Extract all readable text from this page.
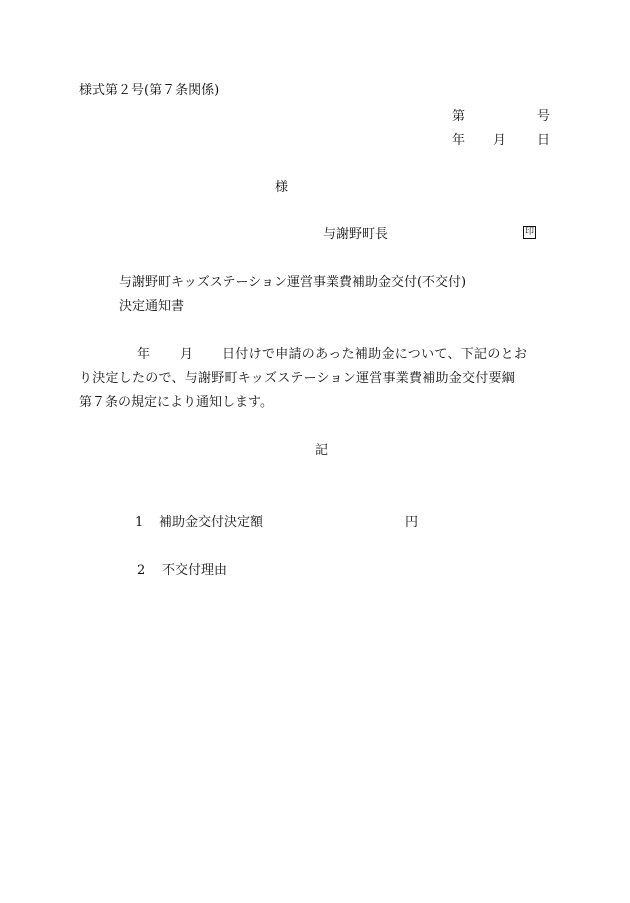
様式第２号(第７条関係)
第	号
年 月 日
様
与謝野町長	印
与謝野町キッズステーション運営事業費補助金交付(不交付)
決定通知書
年 月 日付けで申請のあった補助金について、下記のとお
り決定したので、与謝野町キッズステーション運営事業費補助金交付要綱
第７条の規定により通知します。
記
1 補助金交付決定額	円
2 不交付理由
